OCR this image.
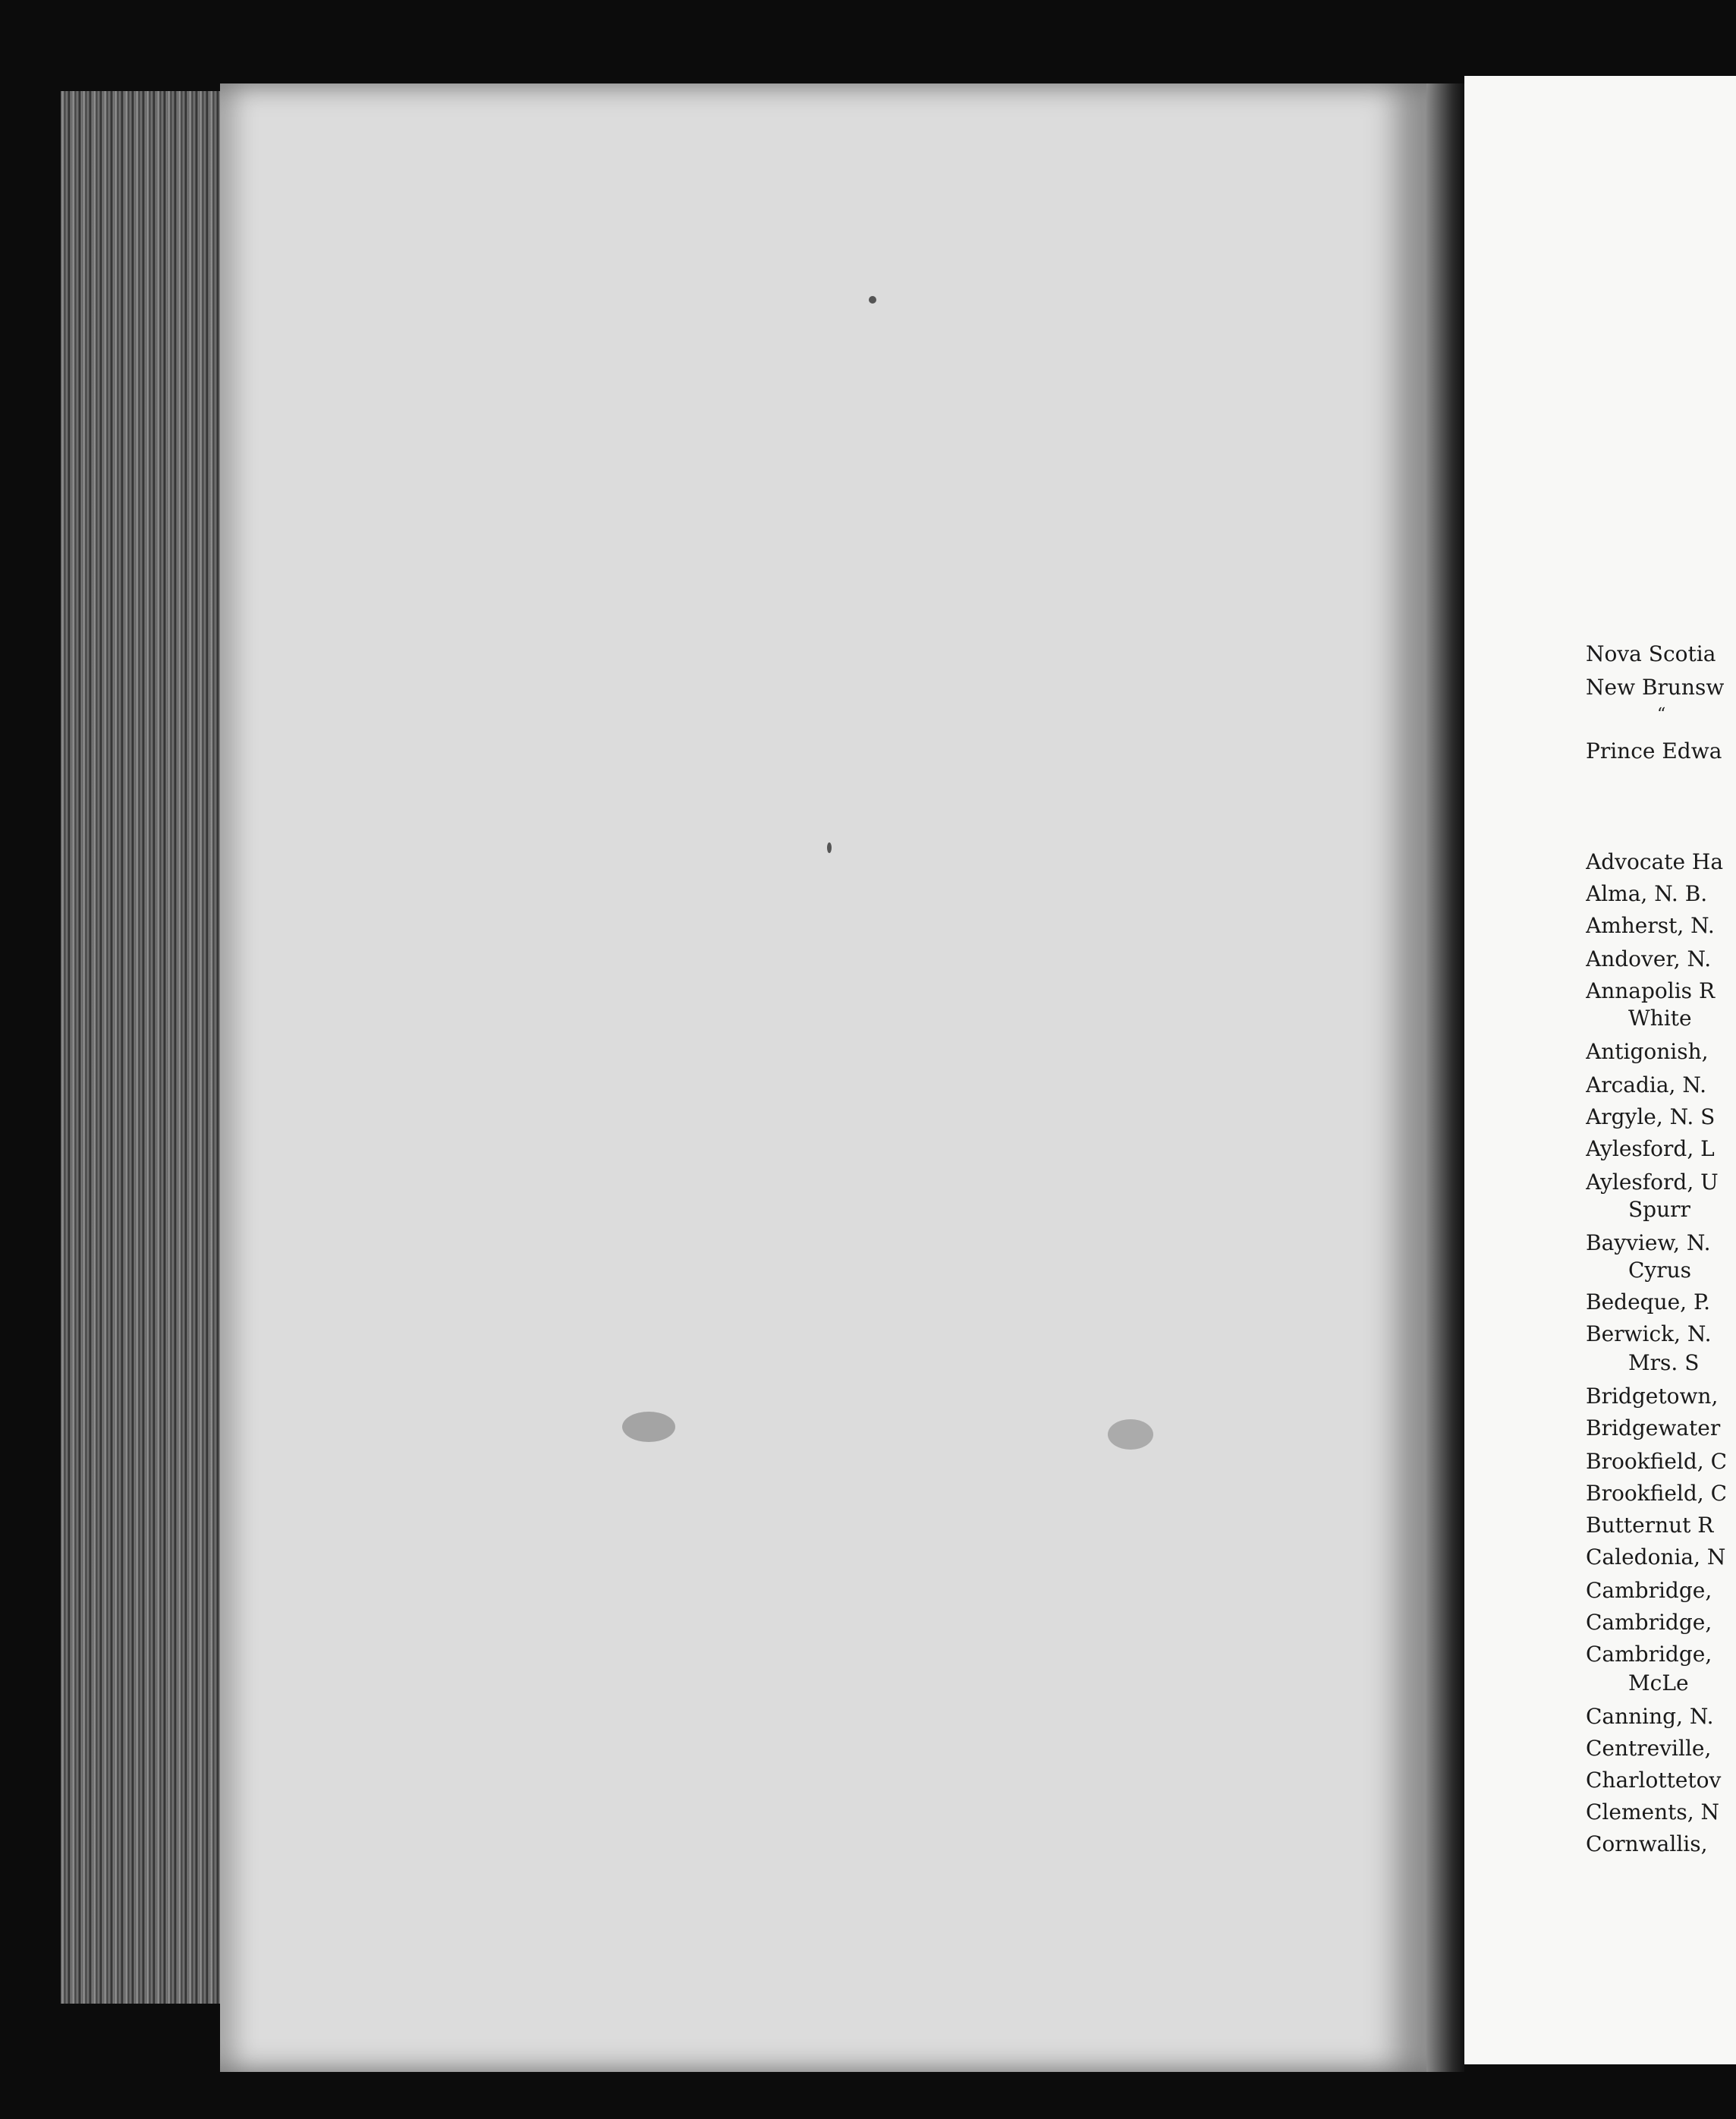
Nova Scotia
New Brunsw
“
Prince Edwa
Advocate Ha
Alma, N. B.
Amherst, N.
Andover, N.
Annapolis R
White
Antigonish,
Arcadia, N.
Argyle, N. S
Aylesford, L
Aylesford, U
Spurr
Bayview, N.
Cyrus
Bedeque, P.
Berwick, N.
Mrs. S
Bridgetown,
Bridgewater
Brookfield, C
Brookfield, C
Butternut R
Caledonia, N
Cambridge,
Cambridge,
Cambridge,
McLe
Canning, N.
Centreville,
Charlottetov
Clements, N
Cornwallis,
